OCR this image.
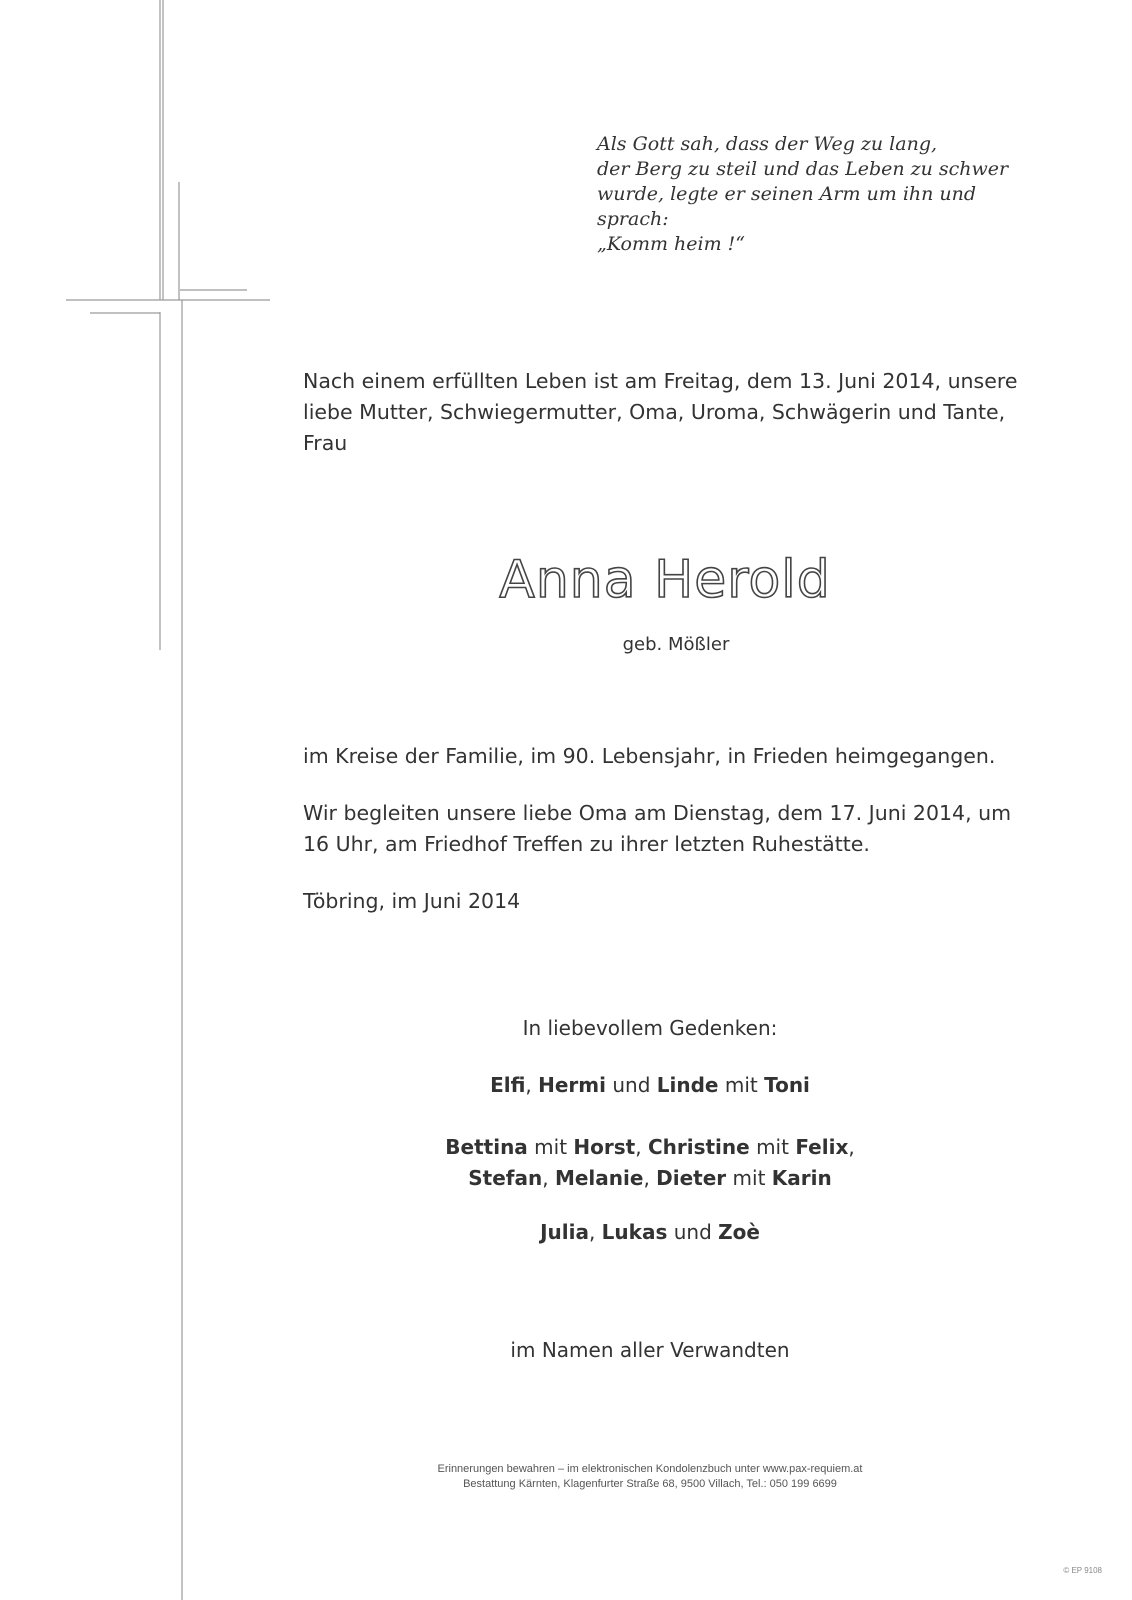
Als Gott sah, dass der Weg zu lang,
der Berg zu steil und das Leben zu schwer
wurde, legte er seinen Arm um ihn und
sprach:
„Komm heim !“
Nach einem erfüllten Leben ist am Freitag, dem 13. Juni 2014, unsere
liebe Mutter, Schwiegermutter, Oma, Uroma, Schwägerin und Tante,
Frau
Anna Herold
geb. Mößler
im Kreise der Familie, im 90. Lebensjahr, in Frieden heimgegangen.
Wir begleiten unsere liebe Oma am Dienstag, dem 17. Juni 2014, um
16 Uhr, am Friedhof Treffen zu ihrer letzten Ruhestätte.
Töbring, im Juni 2014
In liebevollem Gedenken:
Elfi, Hermi und Linde mit Toni
Bettina mit Horst, Christine mit Felix,
Stefan, Melanie, Dieter mit Karin
Julia, Lukas und Zoè
im Namen aller Verwandten
Erinnerungen bewahren – im elektronischen Kondolenzbuch unter www.pax-requiem.at
Bestattung Kärnten, Klagenfurter Straße 68, 9500 Villach, Tel.: 050 199 6699
© EP 9108
